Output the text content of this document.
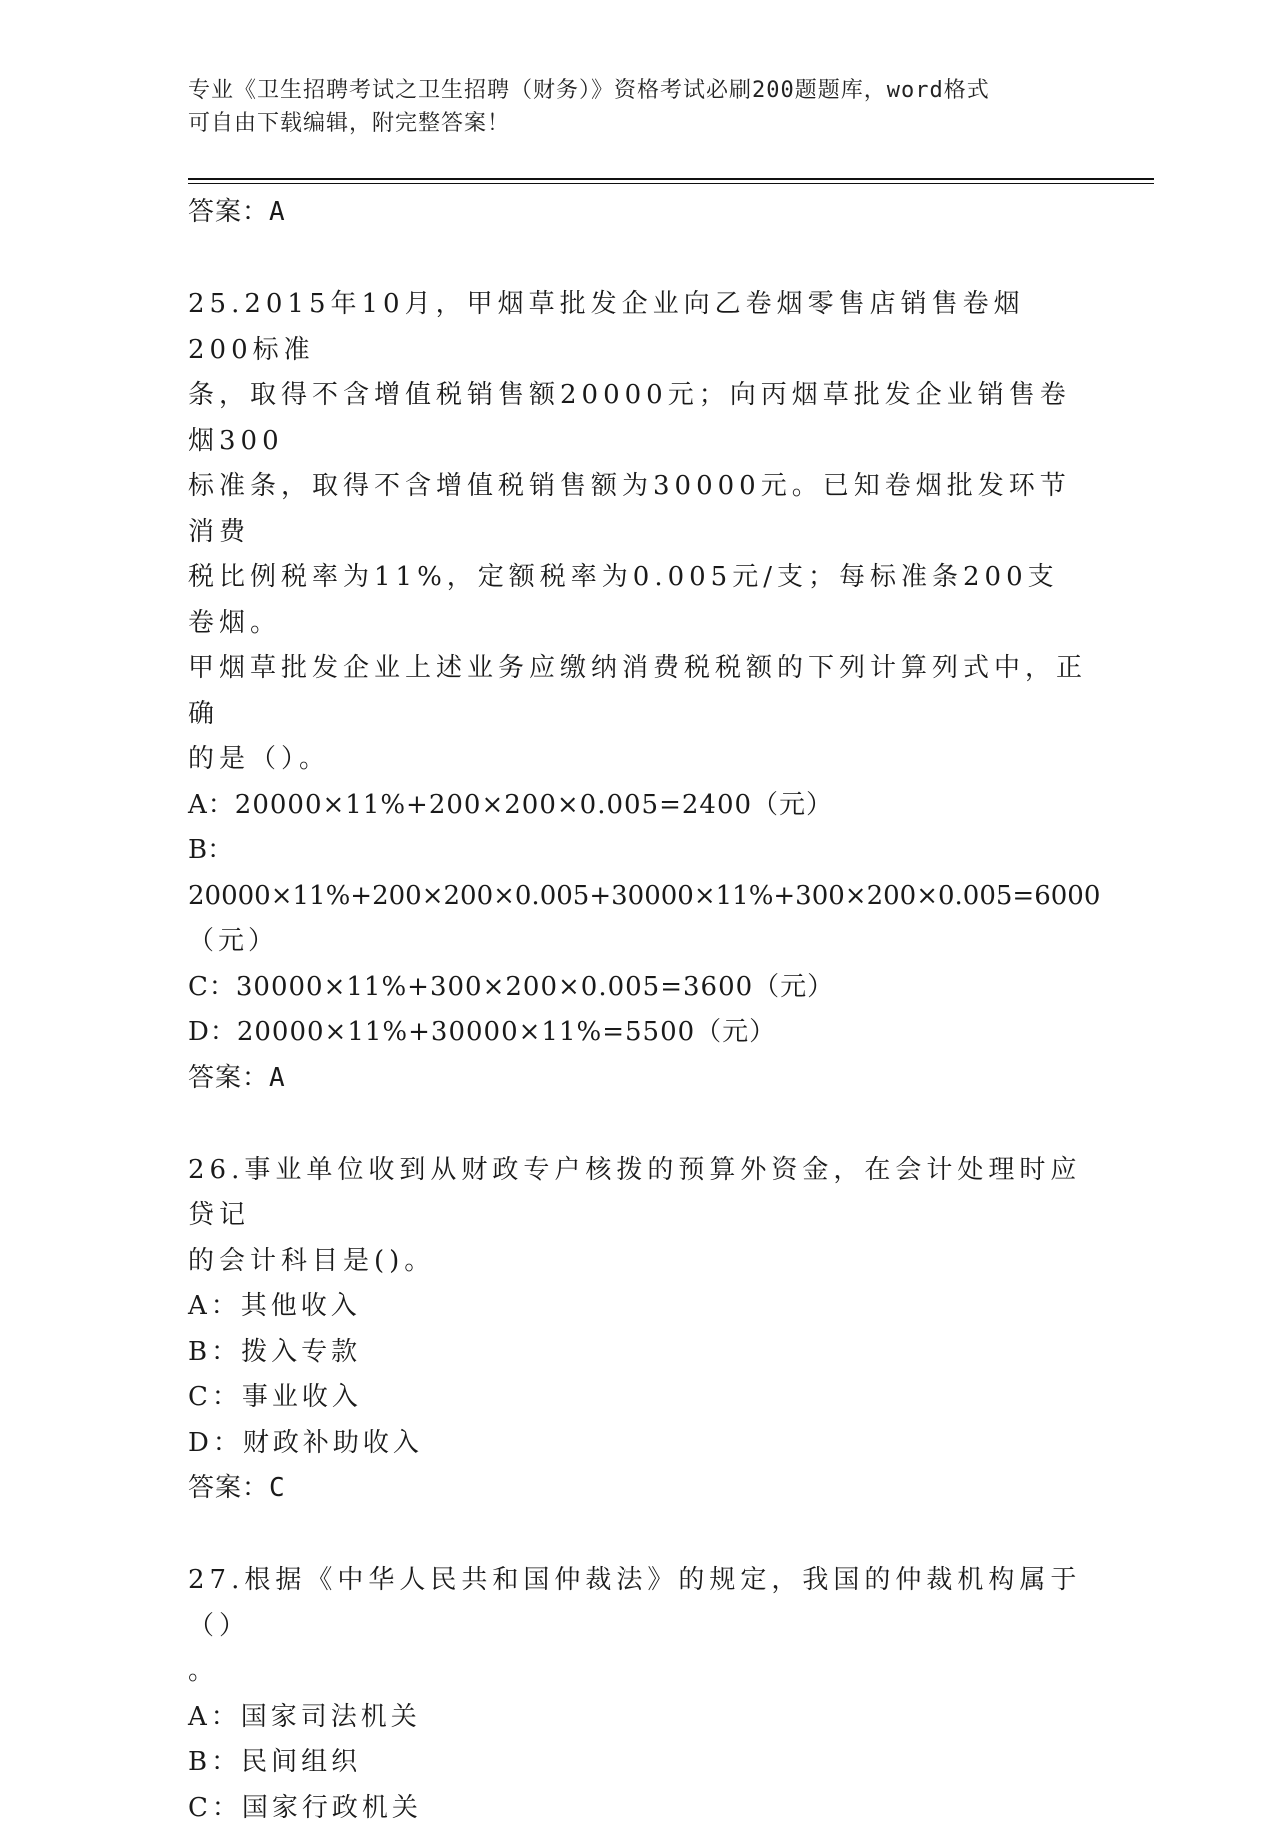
专业《卫生招聘考试之卫生招聘（财务）》资格考试必刷200题题库，word格式
可自由下载编辑，附完整答案！

答案：A

25.2015年10月，甲烟草批发企业向乙卷烟零售店销售卷烟200标准

条，取得不含增值税销售额20000元；向丙烟草批发企业销售卷烟300

标准条，取得不含增值税销售额为30000元。已知卷烟批发环节消费

税比例税率为11%，定额税率为0.005元/支；每标准条200支卷烟。

甲烟草批发企业上述业务应缴纳消费税税额的下列计算列式中，正确

的是（）。

A：20000×11%+200×200×0.005=2400（元）

B：20000×11%+200×200×0.005+30000×11%+300×200×0.005=6000

（元）

C：30000×11%+300×200×0.005=3600（元）

D：20000×11%+30000×11%=5500（元）

答案：A

26.事业单位收到从财政专户核拨的预算外资金，在会计处理时应贷记

的会计科目是()。

A：其他收入

B：拨入专款

C：事业收入

D：财政补助收入

答案：C

27.根据《中华人民共和国仲裁法》的规定，我国的仲裁机构属于（）

。

A：国家司法机关

B：民间组织

C：国家行政机关
